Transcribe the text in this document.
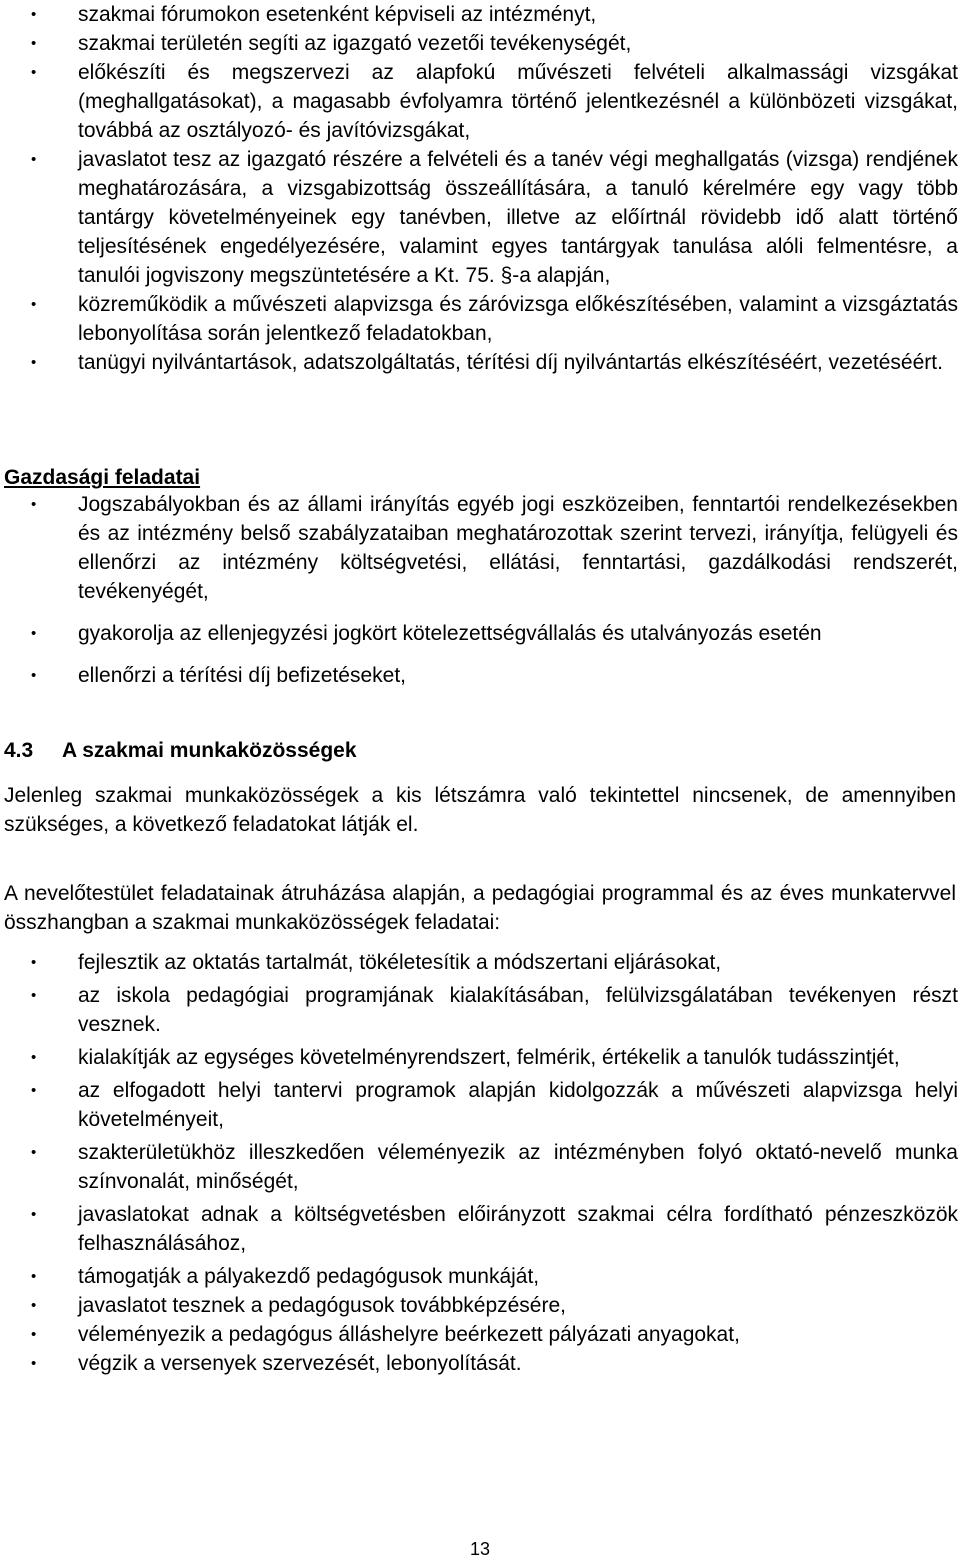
• szakmai fórumokon esetenként képviseli az intézményt,
• szakmai területén segíti az igazgató vezetői tevékenységét,
• előkészíti és megszervezi az alapfokú művészeti felvételi alkalmassági vizsgákat (meghallgatásokat), a magasabb évfolyamra történő jelentkezésnél a különbözeti vizsgákat, továbbá az osztályozó- és javítóvizsgákat,
• javaslatot tesz az igazgató részére a felvételi és a tanév végi meghallgatás (vizsga) rendjének meghatározására, a vizsgabizottság összeállítására, a tanuló kérelmére egy vagy több tantárgy követelményeinek egy tanévben, illetve az előírtnál rövidebb idő alatt történő teljesítésének engedélyezésére, valamint egyes tantárgyak tanulása alóli felmentésre, a tanulói jogviszony megszüntetésére a Kt. 75. §-a alapján,
• közreműködik a művészeti alapvizsga és záróvizsga előkészítésében, valamint a vizsgáztatás lebonyolítása során jelentkező feladatokban,
• tanügyi nyilvántartások, adatszolgáltatás, térítési díj nyilvántartás elkészítéséért, vezetéséért.

Gazdasági feladatai

• Jogszabályokban és az állami irányítás egyéb jogi eszközeiben, fenntartói rendelkezésekben és az intézmény belső szabályzataiban meghatározottak szerint tervezi, irányítja, felügyeli és ellenőrzi az intézmény költségvetési, ellátási, fenntartási, gazdálkodási rendszerét, tevékenyégét,
• gyakorolja az ellenjegyzési jogkört kötelezettségvállalás és utalványozás esetén
• ellenőrzi a térítési díj befizetéseket,
4.3 A szakmai munkaközösségek

Jelenleg szakmai munkaközösségek a kis létszámra való tekintettel nincsenek, de amennyiben szükséges, a következő feladatokat látják el.

A nevelőtestület feladatainak átruházása alapján, a pedagógiai programmal és az éves munkatervvel összhangban a szakmai munkaközösségek feladatai:

• fejlesztik az oktatás tartalmát, tökéletesítik a módszertani eljárásokat,
• az iskola pedagógiai programjának kialakításában, felülvizsgálatában tevékenyen részt vesznek.
• kialakítják az egységes követelményrendszert, felmérik, értékelik a tanulók tudásszintjét,
• az elfogadott helyi tantervi programok alapján kidolgozzák a művészeti alapvizsga helyi követelményeit,
• szakterületükhöz illeszkedően véleményezik az intézményben folyó oktató-nevelő munka színvonalát, minőségét,
• javaslatokat adnak a költségvetésben előirányzott szakmai célra fordítható pénzeszközök felhasználásához,
• támogatják a pályakezdő pedagógusok munkáját,
• javaslatot tesznek a pedagógusok továbbképzésére,
• véleményezik a pedagógus álláshelyre beérkezett pályázati anyagokat,
• végzik a versenyek szervezését, lebonyolítását.
13
